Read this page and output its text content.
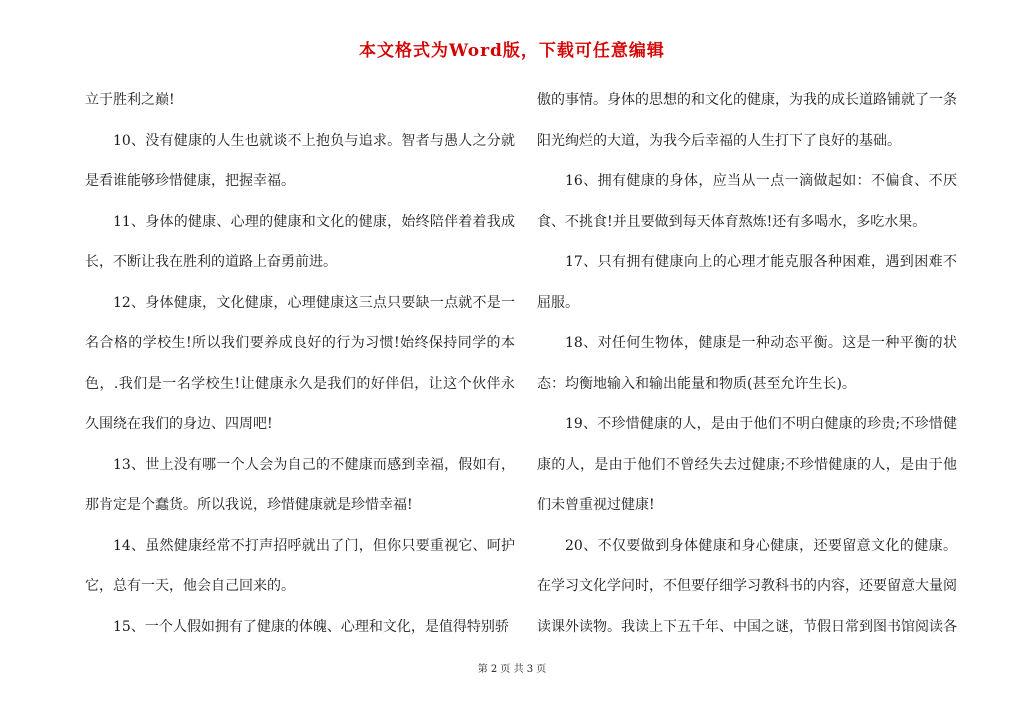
本文格式为Word版，下载可任意编辑

立于胜利之巅!

10、没有健康的人生也就谈不上抱负与追求。智者与愚人之分就是看谁能够珍惜健康，把握幸福。

11、身体的健康、心理的健康和文化的健康，始终陪伴着着我成长，不断让我在胜利的道路上奋勇前进。

12、身体健康，文化健康，心理健康这三点只要缺一点就不是一名合格的学校生!所以我们要养成良好的行为习惯!始终保持同学的本色，.我们是一名学校生!让健康永久是我们的好伴侣，让这个伙伴永久围绕在我们的身边、四周吧!

13、世上没有哪一个人会为自己的不健康而感到幸福，假如有，那肯定是个蠢货。所以我说，珍惜健康就是珍惜幸福!

14、虽然健康经常不打声招呼就出了门，但你只要重视它、呵护它，总有一天，他会自己回来的。

15、一个人假如拥有了健康的体魄、心理和文化，是值得特别骄

傲的事情。身体的思想的和文化的健康，为我的成长道路铺就了一条阳光绚烂的大道，为我今后幸福的人生打下了良好的基础。

16、拥有健康的身体，应当从一点一滴做起如：不偏食、不厌食、不挑食!并且要做到每天体育熬炼!还有多喝水，多吃水果。

17、只有拥有健康向上的心理才能克服各种困难，遇到困难不屈服。

18、对任何生物体，健康是一种动态平衡。这是一种平衡的状态：均衡地输入和输出能量和物质(甚至允许生长)。

19、不珍惜健康的人，是由于他们不明白健康的珍贵;不珍惜健康的人，是由于他们不曾经失去过健康;不珍惜健康的人，是由于他们未曾重视过健康!

20、不仅要做到身体健康和身心健康，还要留意文化的健康。在学习文化学问时，不但要仔细学习教科书的内容，还要留意大量阅读课外读物。我读上下五千年、中国之谜，节假日常到图书馆阅读各

第 2 页 共 3 页
